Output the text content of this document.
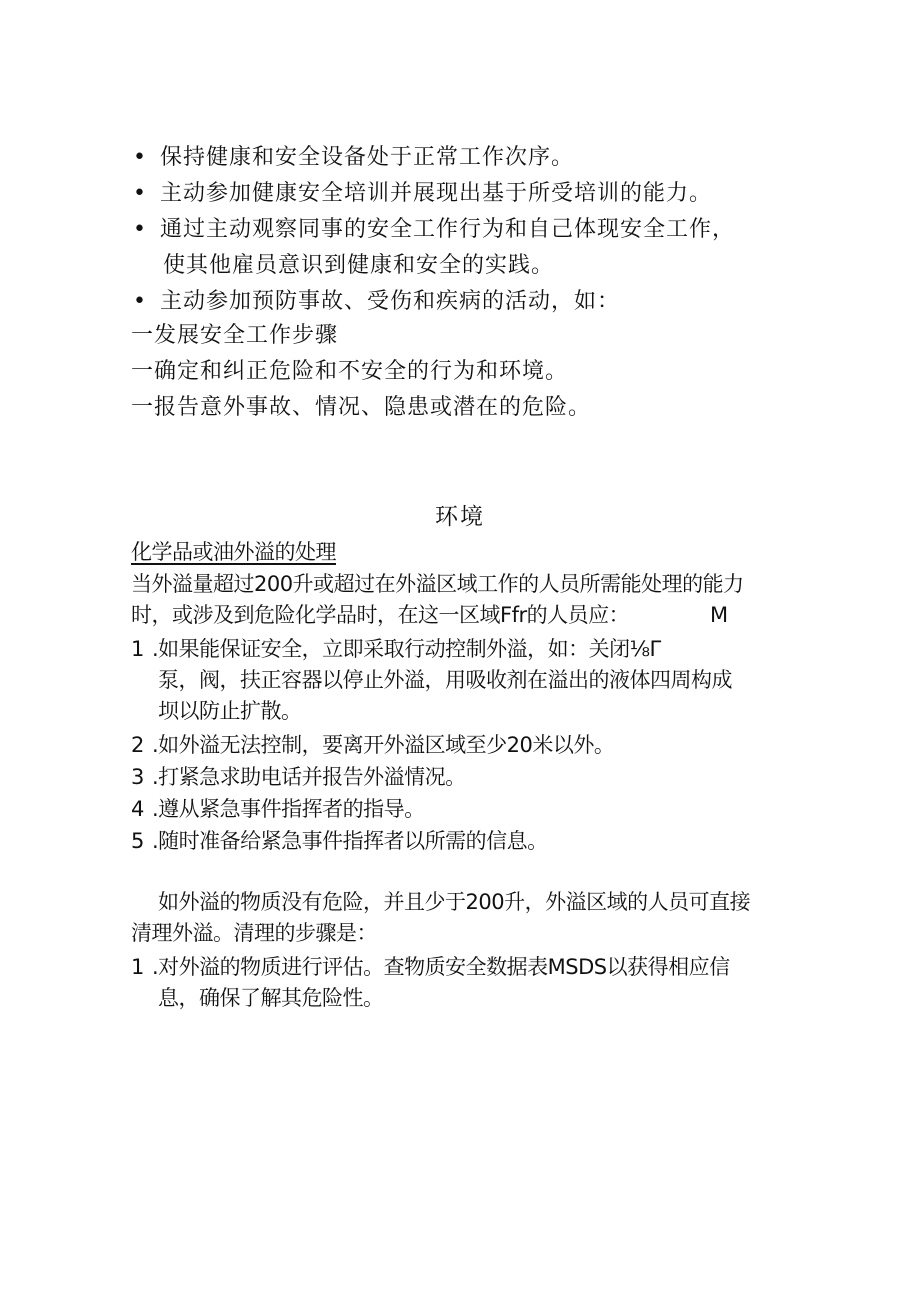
• 保持健康和安全设备处于正常工作次序。
• 主动参加健康安全培训并展现出基于所受培训的能力。
• 通过主动观察同事的安全工作行为和自己体现安全工作，
使其他雇员意识到健康和安全的实践。
• 主动参加预防事故、受伤和疾病的活动，如：
一发展安全工作步骤
一确定和纠正危险和不安全的行为和环境。
一报告意外事故、情况、隐患或潜在的危险。
环境
化学品或油外溢的处理
当外溢量超过200升或超过在外溢区域工作的人员所需能处理的能力
时，或涉及到危险化学品时，在这一区域Ffr的人员应：	M
1 .如果能保证安全，立即采取行动控制外溢，如：关闭⅛Γ
泵，阀，扶正容器以停止外溢，用吸收剂在溢出的液体四周构成
坝以防止扩散。
2 .如外溢无法控制，要离开外溢区域至少20米以外。
3 .打紧急求助电话并报告外溢情况。
4 .遵从紧急事件指挥者的指导。
5 .随时准备给紧急事件指挥者以所需的信息。
如外溢的物质没有危险，并且少于200升，外溢区域的人员可直接
清理外溢。清理的步骤是：
1 .对外溢的物质进行评估。查物质安全数据表MSDS以获得相应信
息，确保了解其危险性。
